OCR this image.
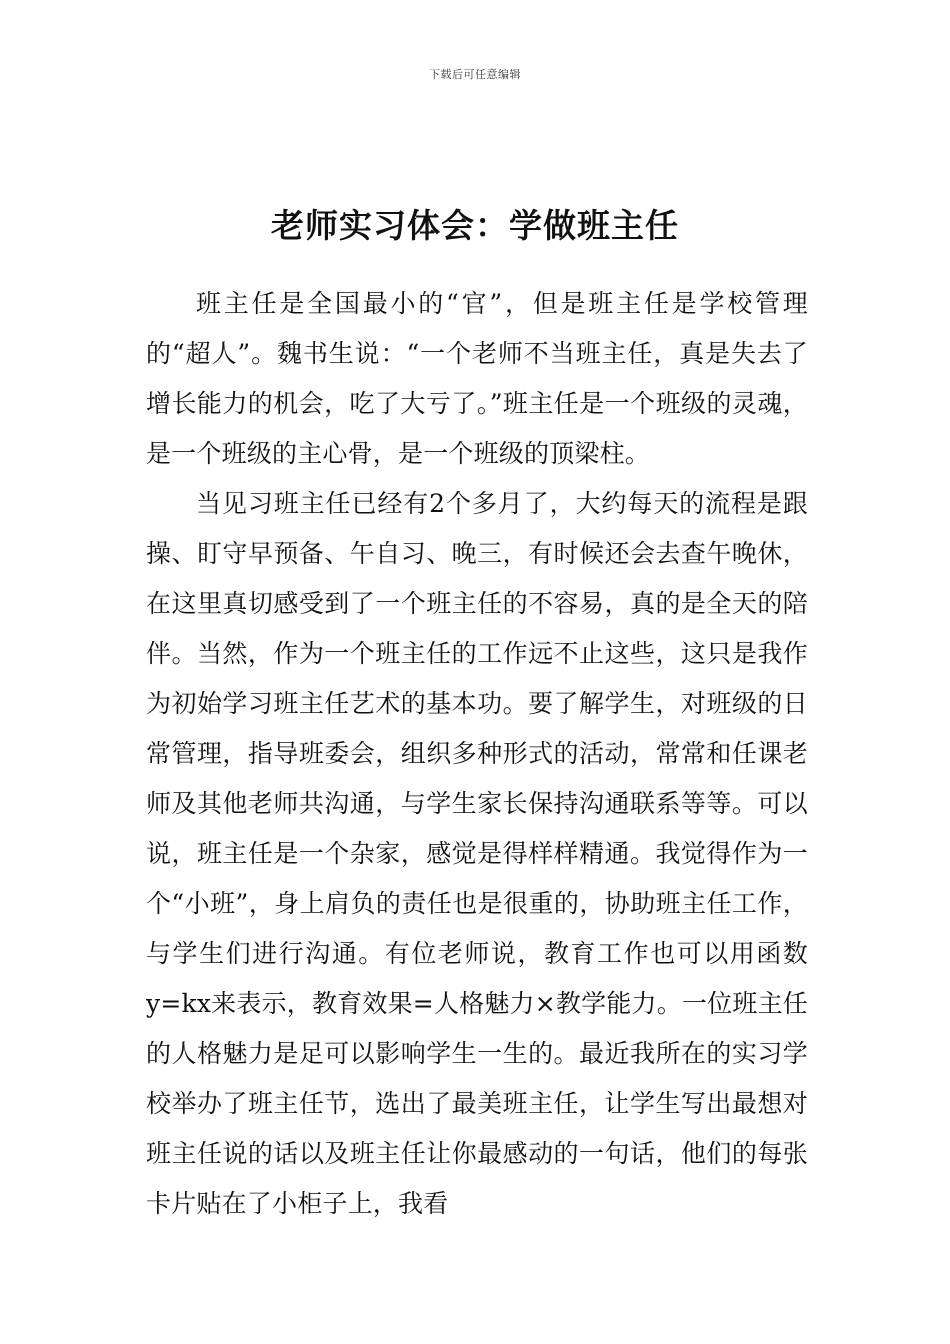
下载后可任意编辑
老师实习体会：学做班主任

班主任是全国最小的“官”，但是班主任是学校管理的“超人”。魏书生说：“一个老师不当班主任，真是失去了增长能力的机会，吃了大亏了。”班主任是一个班级的灵魂，是一个班级的主心骨，是一个班级的顶梁柱。

当见习班主任已经有2个多月了，大约每天的流程是跟操、盯守早预备、午自习、晚三，有时候还会去查午晚休，在这里真切感受到了一个班主任的不容易，真的是全天的陪伴。当然，作为一个班主任的工作远不止这些，这只是我作为初始学习班主任艺术的基本功。要了解学生，对班级的日常管理，指导班委会，组织多种形式的活动，常常和任课老师及其他老师共沟通，与学生家长保持沟通联系等等。可以说，班主任是一个杂家，感觉是得样样精通。我觉得作为一个“小班”，身上肩负的责任也是很重的，协助班主任工作，与学生们进行沟通。有位老师说，教育工作也可以用函数y=kx来表示，教育效果=人格魅力×教学能力。一位班主任的人格魅力是足可以影响学生一生的。最近我所在的实习学校举办了班主任节，选出了最美班主任，让学生写出最想对班主任说的话以及班主任让你最感动的一句话，他们的每张卡片贴在了小柜子上，我看
